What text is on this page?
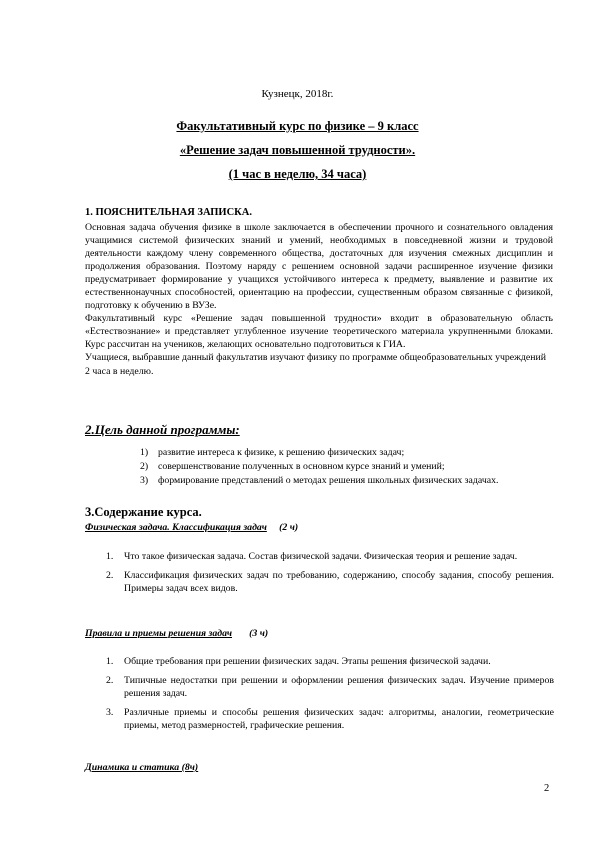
Кузнецк, 2018г.
Факультативный курс по физике – 9 класс
«Решение задач повышенной трудности».
(1 час в неделю, 34 часа)
1. ПОЯСНИТЕЛЬНАЯ ЗАПИСКА.

Основная задача обучения физике в школе заключается в обеспечении прочного и сознательного овладения учащимися системой физических знаний и умений, необходимых в повседневной жизни и трудовой деятельности каждому члену современного общества, достаточных для изучения смежных дисциплин и продолжения образования. Поэтому наряду с решением основной задачи расширенное изучение физики предусматривает формирование у учащихся устойчивого интереса к предмету, выявление и развитие их естественнонаучных способностей, ориентацию на профессии, существенным образом связанные с физикой, подготовку к обучению в ВУЗе.

Факультативный курс «Решение задач повышенной трудности» входит в образовательную область «Естествознание» и представляет углубленное изучение теоретического материала укрупненными блоками. Курс рассчитан на учеников, желающих основательно подготовиться к ГИА.

Учащиеся, выбравшие данный факультатив изучают физику по программе общеобразовательных учреждений 2 часа в неделю.

2.Цель данной программы:
1) развитие интереса к физике, к решению физических задач;
2) совершенствование полученных в основном курсе знаний и умений;
3) формирование представлений о методах решения школьных физических задачах.
3.Содержание курса.
Физическая задача. Классификация задач (2 ч)
1. Что такое физическая задача. Состав физической задачи. Физическая теория и решение задач.
2. Классификация физических задач по требованию, содержанию, способу задания, способу решения. Примеры задач всех видов.
Правила и приемы решения задач (3 ч)
1. Общие требования при решении физических задач. Этапы решения физической задачи.
2. Типичные недостатки при решении и оформлении решения физических задач. Изучение примеров решения задач.
3. Различные приемы и способы решения физических задач: алгоритмы, аналогии, геометрические приемы, метод размерностей, графические решения.
Динамика и статика (8ч)
2
